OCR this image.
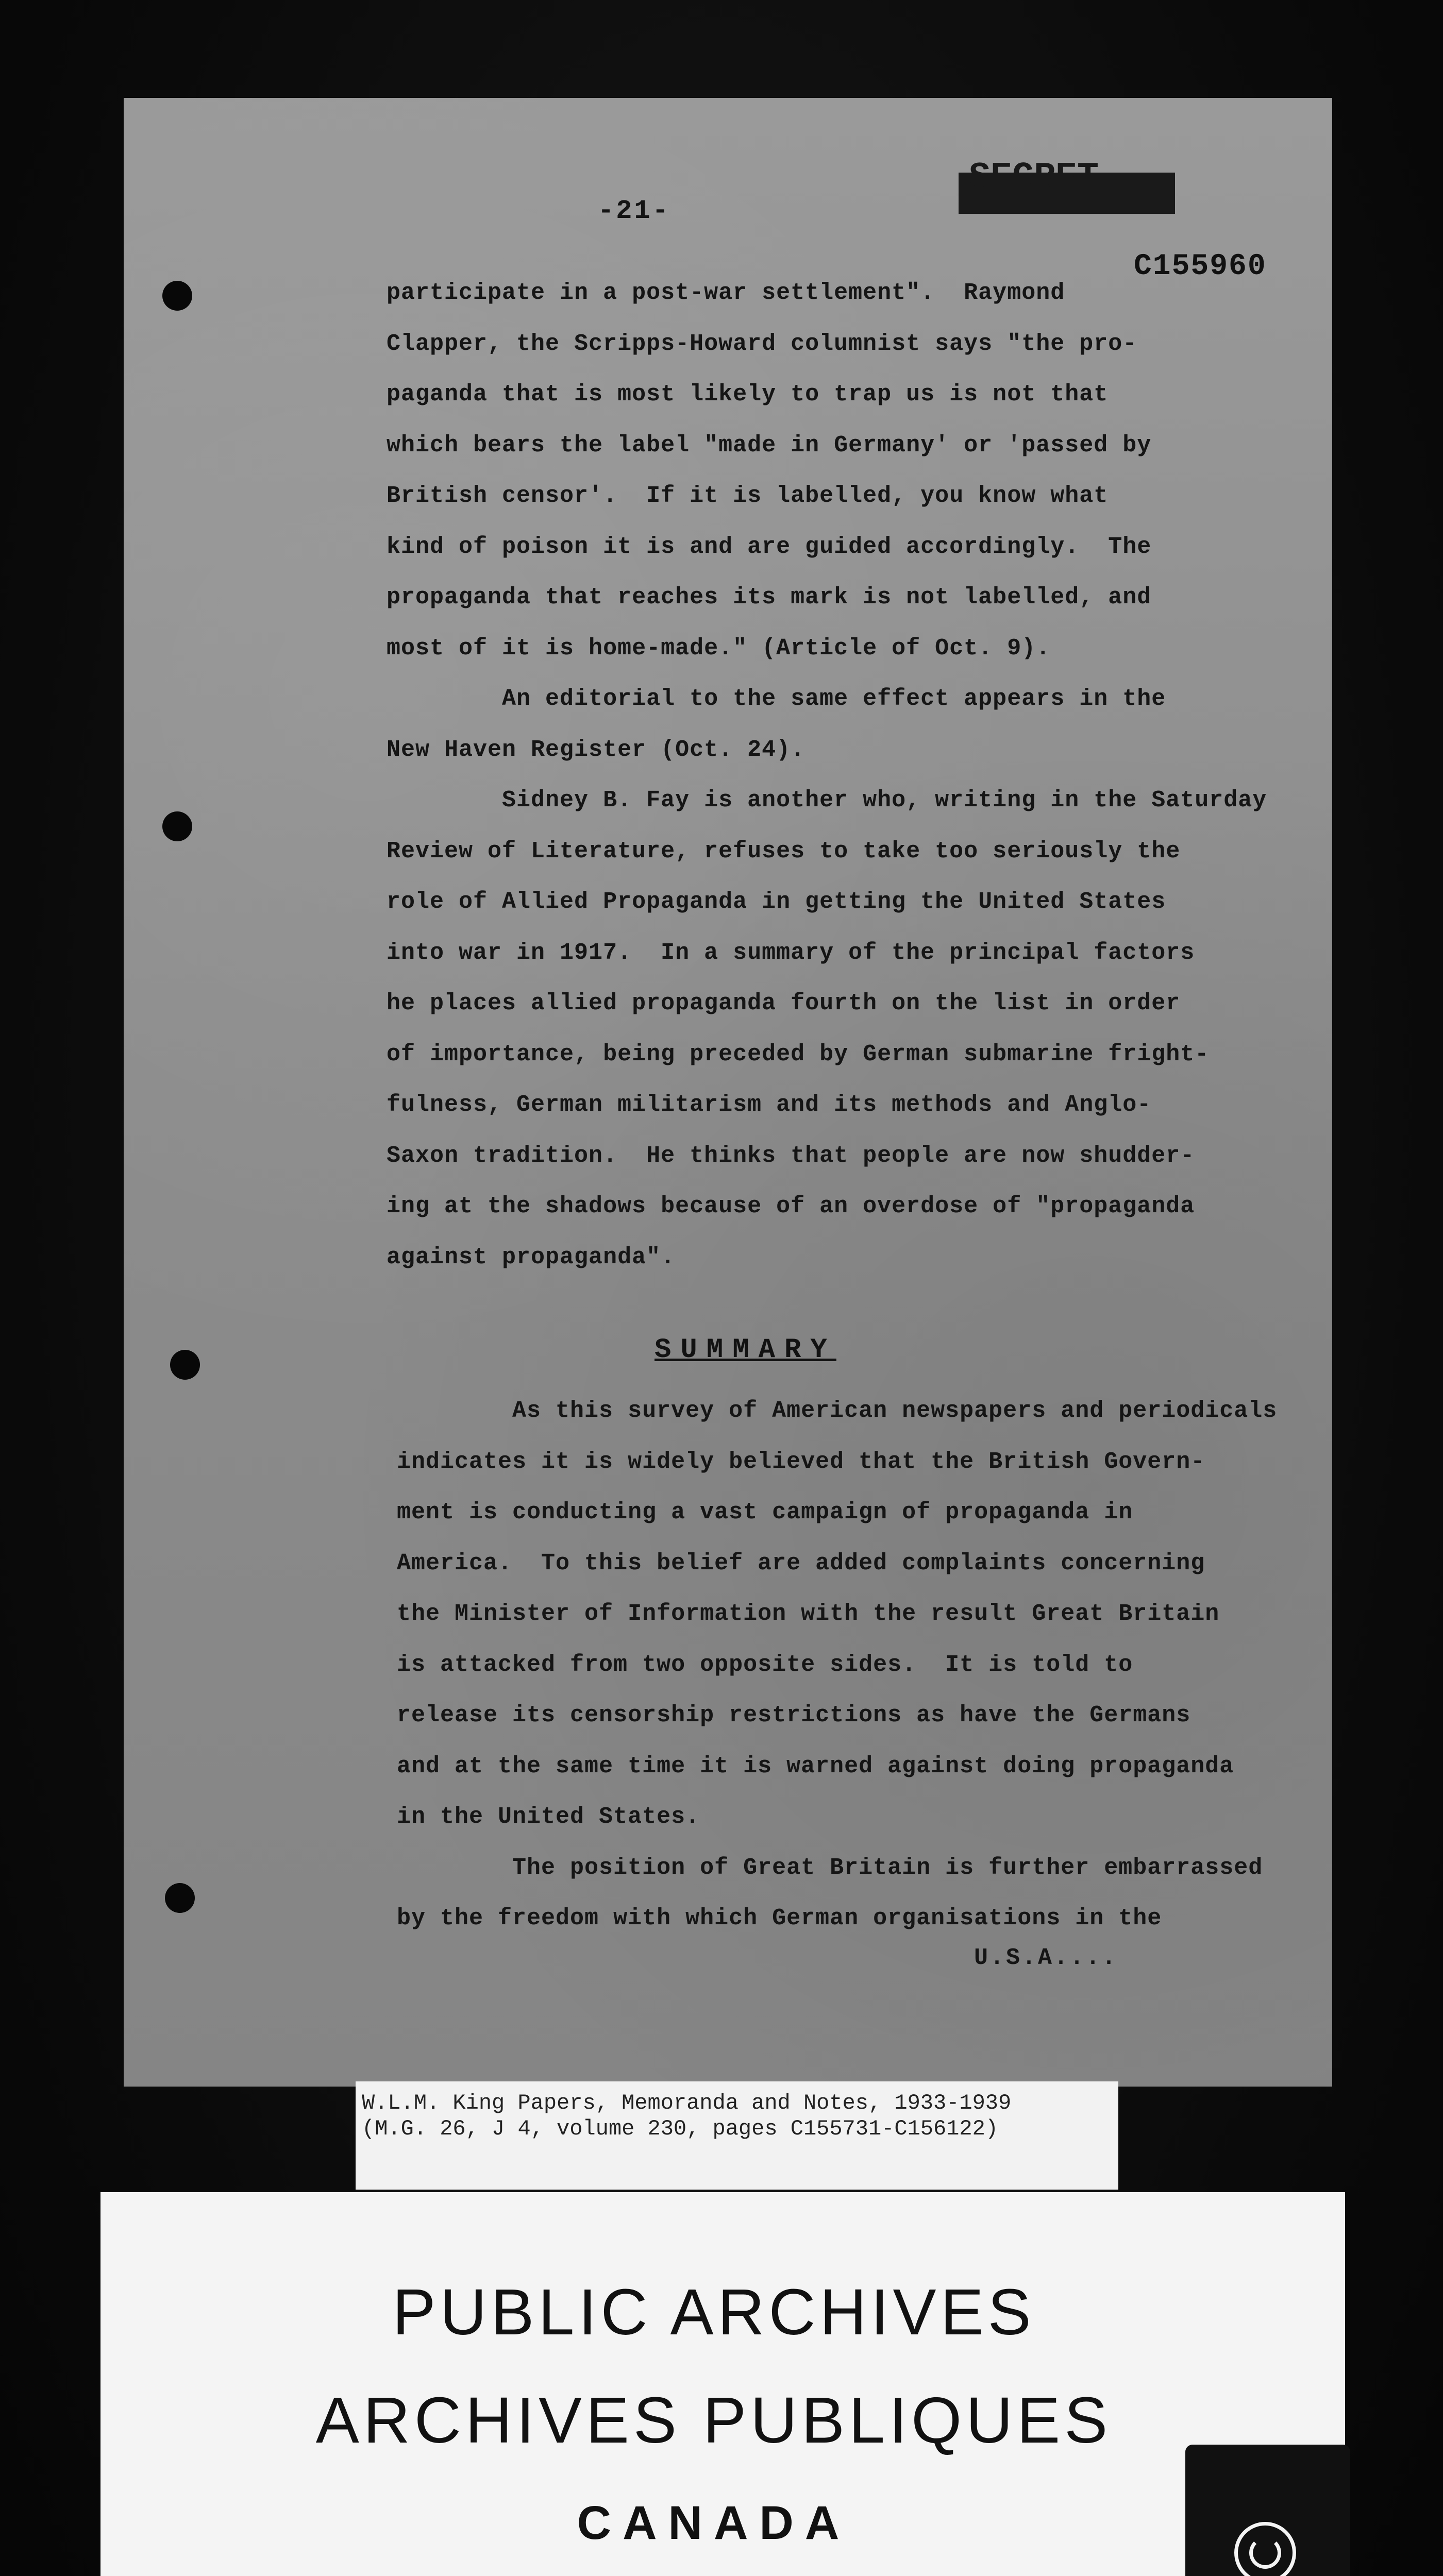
-21-
SECRET
C155960
participate in a post-war settlement".  Raymond
Clapper, the Scripps-Howard columnist says "the pro-
paganda that is most likely to trap us is not that
which bears the label "made in Germany' or 'passed by
British censor'.  If it is labelled, you know what
kind of poison it is and are guided accordingly.  The
propaganda that reaches its mark is not labelled, and
most of it is home-made." (Article of Oct. 9).
An editorial to the same effect appears in the
New Haven Register (Oct. 24).
Sidney B. Fay is another who, writing in the Saturday
Review of Literature, refuses to take too seriously the
role of Allied Propaganda in getting the United States
into war in 1917.  In a summary of the principal factors
he places allied propaganda fourth on the list in order
of importance, being preceded by German submarine fright-
fulness, German militarism and its methods and Anglo-
Saxon tradition.  He thinks that people are now shudder-
ing at the shadows because of an overdose of "propaganda
against propaganda".
SUMMARY
As this survey of American newspapers and periodicals
indicates it is widely believed that the British Govern-
ment is conducting a vast campaign of propaganda in
America.  To this belief are added complaints concerning
the Minister of Information with the result Great Britain
is attacked from two opposite sides.  It is told to
release its censorship restrictions as have the Germans
and at the same time it is warned against doing propaganda
in the United States.
The position of Great Britain is further embarrassed
by the freedom with which German organisations in the
U.S.A....
W.L.M. King Papers, Memoranda and Notes, 1933-1939
(M.G. 26, J 4, volume 230, pages C155731-C156122)
PUBLIC ARCHIVES
ARCHIVES PUBLIQUES
CANADA
